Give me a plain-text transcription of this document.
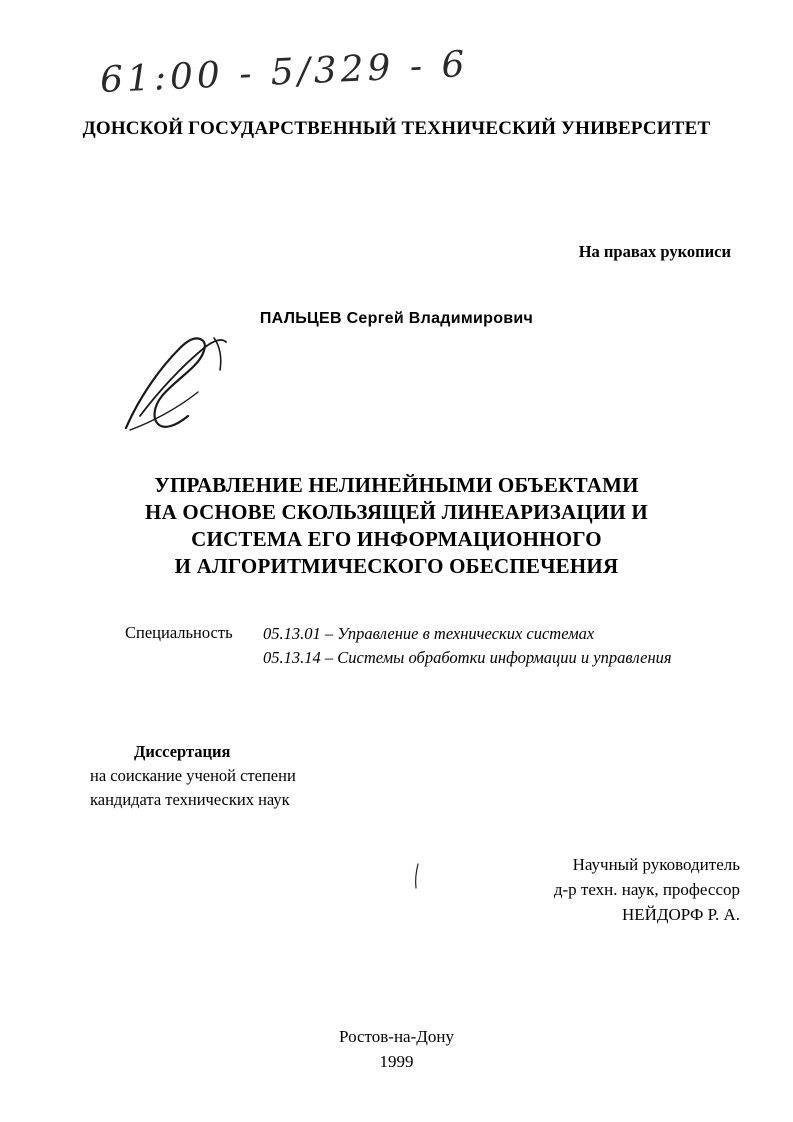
61:00 - 5/329 - 6
ДОНСКОЙ ГОСУДАРСТВЕННЫЙ ТЕХНИЧЕСКИЙ УНИВЕРСИТЕТ
На правах рукописи
ПАЛЬЦЕВ Сергей Владимирович
УПРАВЛЕНИЕ НЕЛИНЕЙНЫМИ ОБЪЕКТАМИ
НА ОСНОВЕ СКОЛЬЗЯЩЕЙ ЛИНЕАРИЗАЦИИ И
СИСТЕМА ЕГО ИНФОРМАЦИОННОГО
И АЛГОРИТМИЧЕСКОГО ОБЕСПЕЧЕНИЯ
Специальность	05.13.01 – Управление в технических системах
05.13.14 – Системы обработки информации и управления
Диссертация
на соискание ученой степени
кандидата технических наук
Научный руководитель
д-р техн. наук, профессор
НЕЙДОРФ Р. А.
Ростов-на-Дону
1999
